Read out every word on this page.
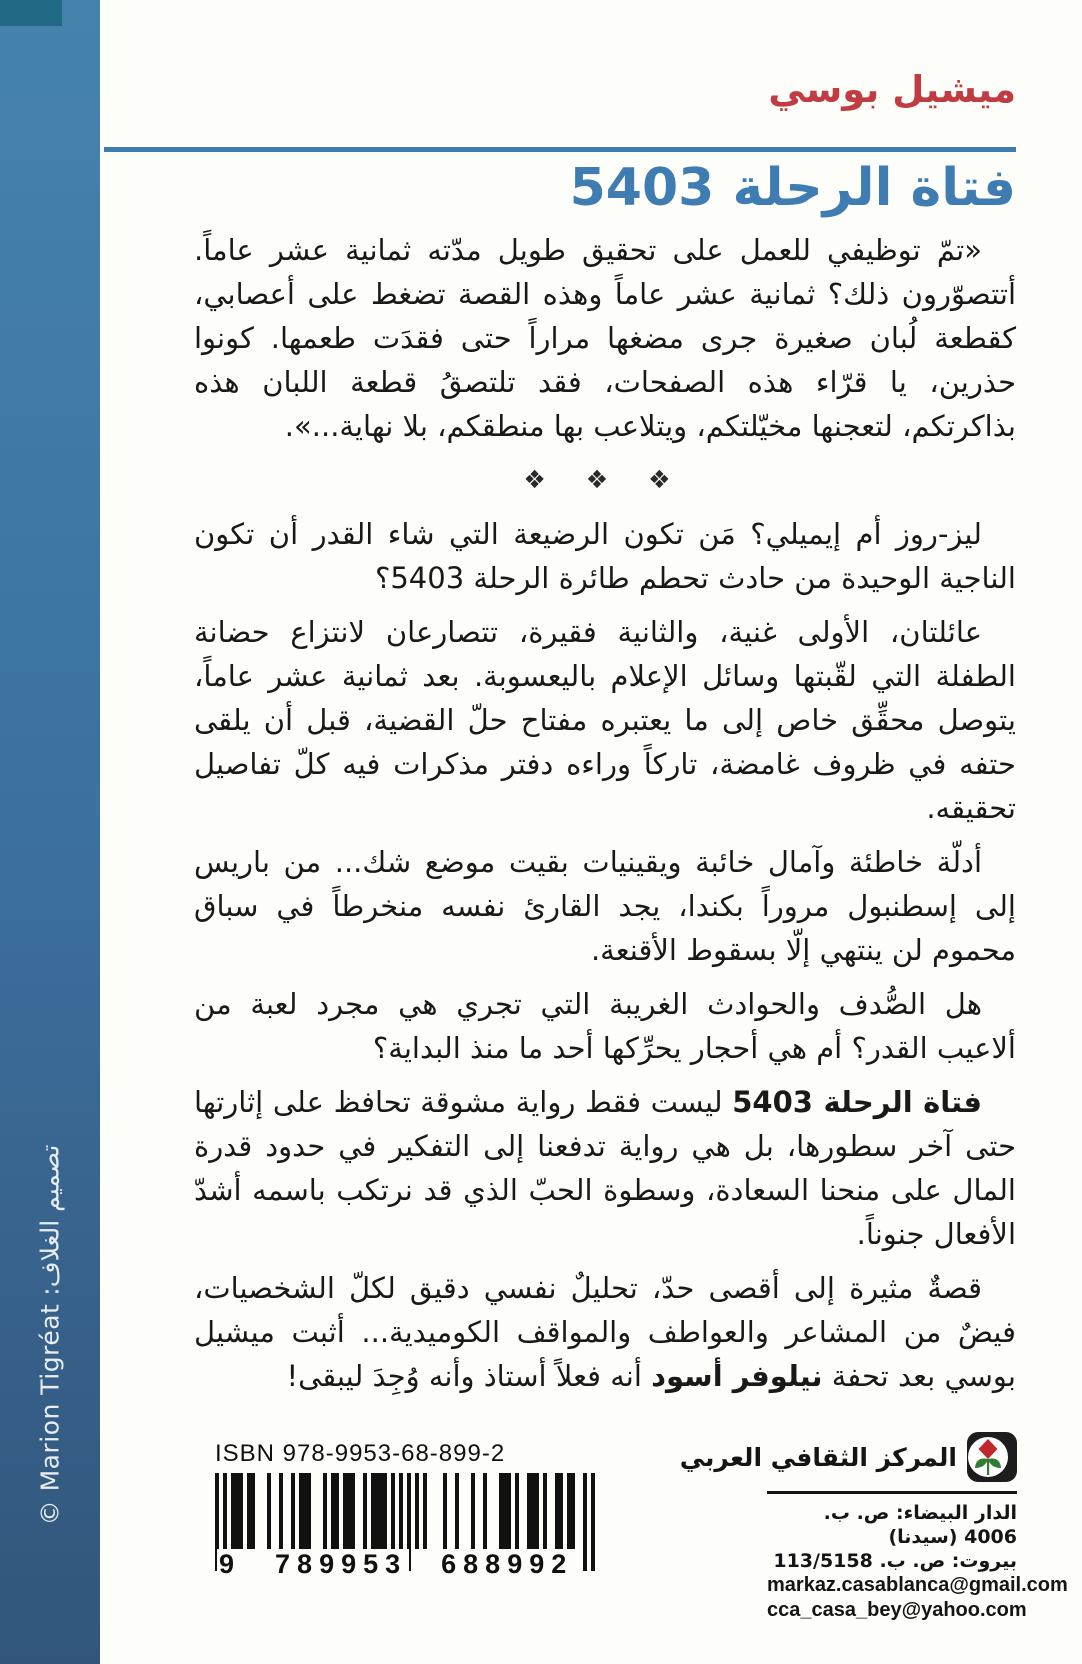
تصميم الغلاف: Marion Tigréat ©
ميشيل بوسي
فتاة الرحلة 5403

«تمّ توظيفي للعمل على تحقيق طويل مدّته ثمانية عشر عاماً. أتتصوّرون ذلك؟ ثمانية عشر عاماً وهذه القصة تضغط على أعصابي، كقطعة لُبان صغيرة جرى مضغها مراراً حتى فقدَت طعمها. كونوا حذرين، يا قرّاء هذه الصفحات، فقد تلتصقُ قطعة اللبان هذه بذاكرتكم، لتعجنها مخيّلتكم، ويتلاعب بها منطقكم، بلا نهاية...».

❖ ❖ ❖

ليز-روز أم إيميلي؟ مَن تكون الرضيعة التي شاء القدر أن تكون الناجية الوحيدة من حادث تحطم طائرة الرحلة 5403؟

عائلتان، الأولى غنية، والثانية فقيرة، تتصارعان لانتزاع حضانة الطفلة التي لقّبتها وسائل الإعلام باليعسوبة. بعد ثمانية عشر عاماً، يتوصل محقِّق خاص إلى ما يعتبره مفتاح حلّ القضية، قبل أن يلقى حتفه في ظروف غامضة، تاركاً وراءه دفتر مذكرات فيه كلّ تفاصيل تحقيقه.

أدلّة خاطئة وآمال خائبة ويقينيات بقيت موضع شك... من باريس إلى إسطنبول مروراً بكندا، يجد القارئ نفسه منخرطاً في سباق محموم لن ينتهي إلّا بسقوط الأقنعة.

هل الصُّدف والحوادث الغريبة التي تجري هي مجرد لعبة من ألاعيب القدر؟ أم هي أحجار يحرِّكها أحد ما منذ البداية؟

فتاة الرحلة 5403 ليست فقط رواية مشوقة تحافظ على إثارتها حتى آخر سطورها، بل هي رواية تدفعنا إلى التفكير في حدود قدرة المال على منحنا السعادة، وسطوة الحبّ الذي قد نرتكب باسمه أشدّ الأفعال جنوناً.

قصةٌ مثيرة إلى أقصى حدّ، تحليلٌ نفسي دقيق لكلّ الشخصيات، فيضٌ من المشاعر والعواطف والمواقف الكوميدية... أثبت ميشيل بوسي بعد تحفة نيلوفر أسود أنه فعلاً أستاذ وأنه وُجِدَ ليبقى!

ISBN 978-9953-68-899-2
9 789953 688992
المركز الثقافي العربي
الدار البيضاء: ص. ب. 4006 (سيدنا)
بيروت: ص. ب. 113/5158
markaz.casablanca@gmail.com
cca_casa_bey@yahoo.com
